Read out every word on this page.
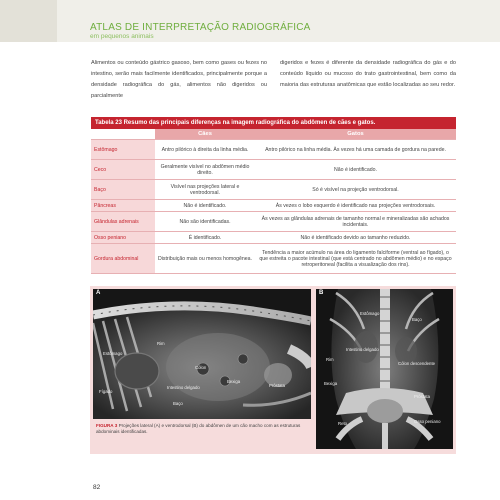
ATLAS DE INTERPRETAÇÃO RADIOGRÁFICA
em pequenos animais
Alimentos ou conteúdo gástrico gasoso, bem como gases ou fezes no intestino, serão mais facilmente identificados, principalmente porque a densidade radiográfica do gás, alimentos não digeridos ou parcialmente
digeridos e fezes é diferente da densidade radiográfica do gás e do conteúdo líquido ou mucoso do trato gastrointestinal, bem como da maioria das estruturas anatômicas que estão localizadas ao seu redor.
Tabela 23 Resumo das principais diferenças na imagem radiográfica do abdômen de cães e gatos.		
	Cães	Gatos
Estômago	Antro pilórico à direita da linha média.	Antro pilórico na linha média. Às vezes há uma camada de gordura na parede.
Ceco	Geralmente visível no abdômen médio direito.	Não é identificado.
Baço	Visível nas projeções lateral e ventrodorsal.	Só é visível na projeção ventrodorsal.
Pâncreas	Não é identificado.	Às vezes o lobo esquerdo é identificado nas projeções ventrodorsais.
Glândulas adrenais	Não são identificadas.	Às vezes as glândulas adrenais de tamanho normal e mineralizadas são achados incidentais.
Osso peniano	É identificado.	Não é identificado devido ao tamanho reduzido.
Gordura abdominal	Distribuição mais ou menos homogênea.	Tendência a maior acúmulo na área do ligamento falciforme (ventral ao fígado), o que estreita o pacote intestinal (que está centrado no abdômen médio) e no espaço retroperitoneal (facilita a visualização dos rins).
A
Estômago
Rim
Fígado
Cólon
Intestino delgado
Baço
Bexiga
Próstata
B
Estômago
Baço
Intestino delgado
Rim
Cólon descendente
Bexiga
Próstata
Reto	Osso peniano
FIGURA 3 Projeções lateral (A) e ventrodorsal (B) do abdômen de um cão macho com as estruturas abdominais identificadas.
82
